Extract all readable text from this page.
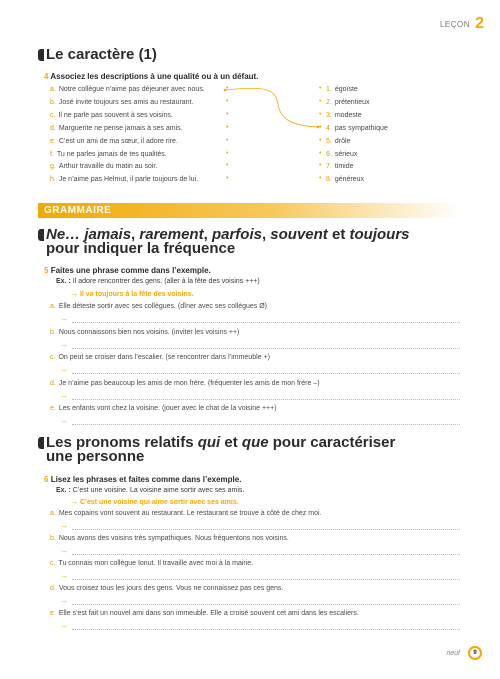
LEÇON 2
Le caractère (1)
4 Associez les descriptions à une qualité ou à un défaut.
a. Notre collègue n’aime pas déjeuner avec nous.	•
b. José invite toujours ses amis au restaurant.	•
c. Il ne parle pas souvent à ses voisins.	•
d. Marguerite ne pense jamais à ses amis.	•
e. C’est un ami de ma sœur, il adore rire.	•
f. Tu ne parles jamais de tes qualités.	•
g. Arthur travaille du matin au soir.	•
h. Je n’aime pas Helmut, il parle toujours de lui.	•
• 1. égoïste
• 2. prétentieux
• 3. modeste
• 4. pas sympathique
• 5. drôle
• 6. sérieux
• 7. timide
• 8. généreux
GRAMMAIRE
Ne… jamais, rarement, parfois, souvent et toujours
pour indiquer la fréquence
5 Faites une phrase comme dans l’exemple.
Ex. : Il adore rencontrer des gens. (aller à la fête des voisins +++)
→ Il va toujours à la fête des voisins.
a. Elle déteste sortir avec ses collègues. (dîner avec ses collègues Ø)
→
b. Nous connaissons bien nos voisins. (inviter les voisins ++)
→
c. On peut se croiser dans l’escalier. (se rencontrer dans l’immeuble +)
→
d. Je n’aime pas beaucoup les amis de mon frère. (fréquenter les amis de mon frère –)
→
e. Les enfants vont chez la voisine. (jouer avec le chat de la voisine +++)
→
Les pronoms relatifs qui et que pour caractériser
une personne
6 Lisez les phrases et faites comme dans l’exemple.
Ex. : C’est une voisine. La voisine aime sortir avec ses amis.
→ C’est une voisine qui aime sortir avec ses amis.
a. Mes copains vont souvent au restaurant. Le restaurant se trouve à côté de chez moi.
→
b. Nous avons des voisins très sympathiques. Nous fréquentons nos voisins.
→
c. Tu connais mon collègue Ionut. Il travaille avec moi à la mairie.
→
d. Vous croisez tous les jours des gens. Vous ne connaissez pas ces gens.
→
e. Elle s’est fait un nouvel ami dans son immeuble. Elle a croisé souvent cet ami dans les escaliers.
→
neuf	9
